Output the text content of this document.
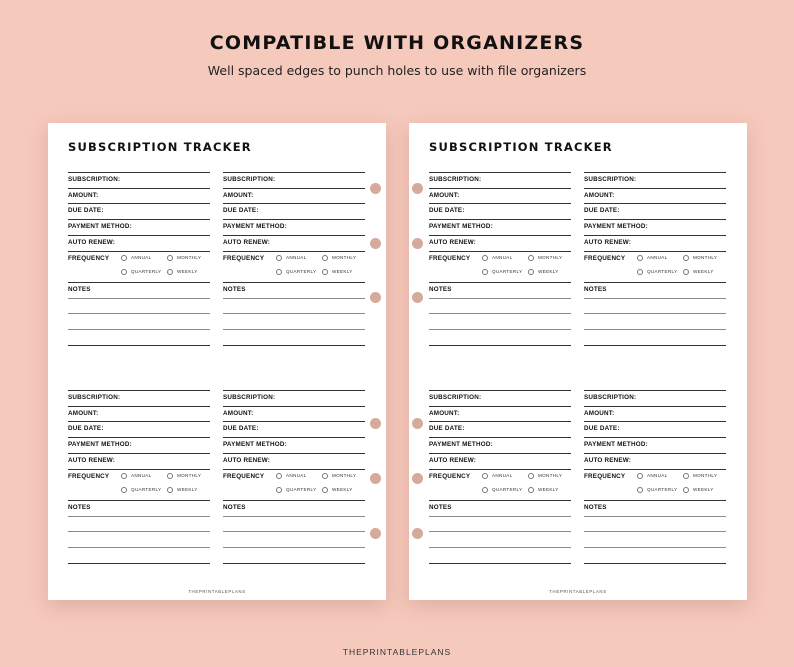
COMPATIBLE WITH ORGANIZERS
Well spaced edges to punch holes to use with file organizers
SUBSCRIPTION TRACKER
THEPRINTABLEPLANS
SUBSCRIPTION:
AMOUNT:
DUE DATE:
PAYMENT METHOD:
AUTO RENEW:
FREQUENCY	ANNUAL	MONTHLY
QUARTERLY	WEEKLY
NOTES
SUBSCRIPTION:
AMOUNT:
DUE DATE:
PAYMENT METHOD:
AUTO RENEW:
FREQUENCY	ANNUAL	MONTHLY
QUARTERLY	WEEKLY
NOTES
SUBSCRIPTION:
AMOUNT:
DUE DATE:
PAYMENT METHOD:
AUTO RENEW:
FREQUENCY	ANNUAL	MONTHLY
QUARTERLY	WEEKLY
NOTES
SUBSCRIPTION:
AMOUNT:
DUE DATE:
PAYMENT METHOD:
AUTO RENEW:
FREQUENCY	ANNUAL	MONTHLY
QUARTERLY	WEEKLY
NOTES
SUBSCRIPTION TRACKER
THEPRINTABLEPLANS
SUBSCRIPTION:
AMOUNT:
DUE DATE:
PAYMENT METHOD:
AUTO RENEW:
FREQUENCY	ANNUAL	MONTHLY
QUARTERLY	WEEKLY
NOTES
SUBSCRIPTION:
AMOUNT:
DUE DATE:
PAYMENT METHOD:
AUTO RENEW:
FREQUENCY	ANNUAL	MONTHLY
QUARTERLY	WEEKLY
NOTES
SUBSCRIPTION:
AMOUNT:
DUE DATE:
PAYMENT METHOD:
AUTO RENEW:
FREQUENCY	ANNUAL	MONTHLY
QUARTERLY	WEEKLY
NOTES
SUBSCRIPTION:
AMOUNT:
DUE DATE:
PAYMENT METHOD:
AUTO RENEW:
FREQUENCY	ANNUAL	MONTHLY
QUARTERLY	WEEKLY
NOTES
THEPRINTABLEPLANS
